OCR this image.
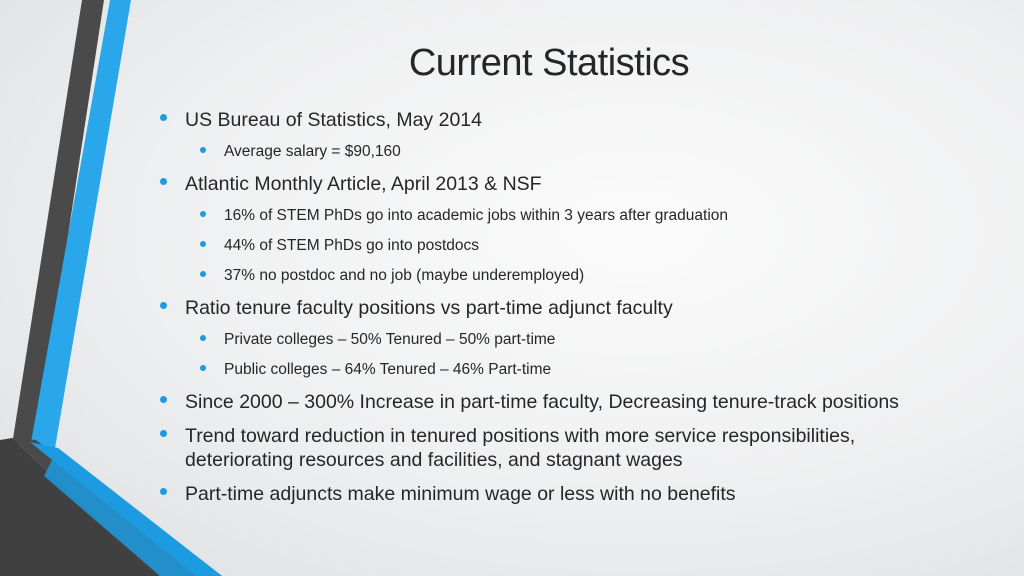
Current Statistics
US Bureau of Statistics, May 2014
Average salary = $90,160
Atlantic Monthly Article, April 2013 & NSF
16% of STEM PhDs go into academic jobs within 3 years after graduation
44% of STEM PhDs go into postdocs
37% no postdoc and no job (maybe underemployed)
Ratio tenure faculty positions vs part-time adjunct faculty
Private colleges – 50% Tenured – 50% part-time
Public colleges – 64% Tenured – 46% Part-time
Since 2000 – 300% Increase in part-time faculty, Decreasing tenure-track positions
Trend toward reduction in tenured positions with more service responsibilities, deteriorating resources and facilities, and stagnant wages
Part-time adjuncts make minimum wage or less with no benefits
